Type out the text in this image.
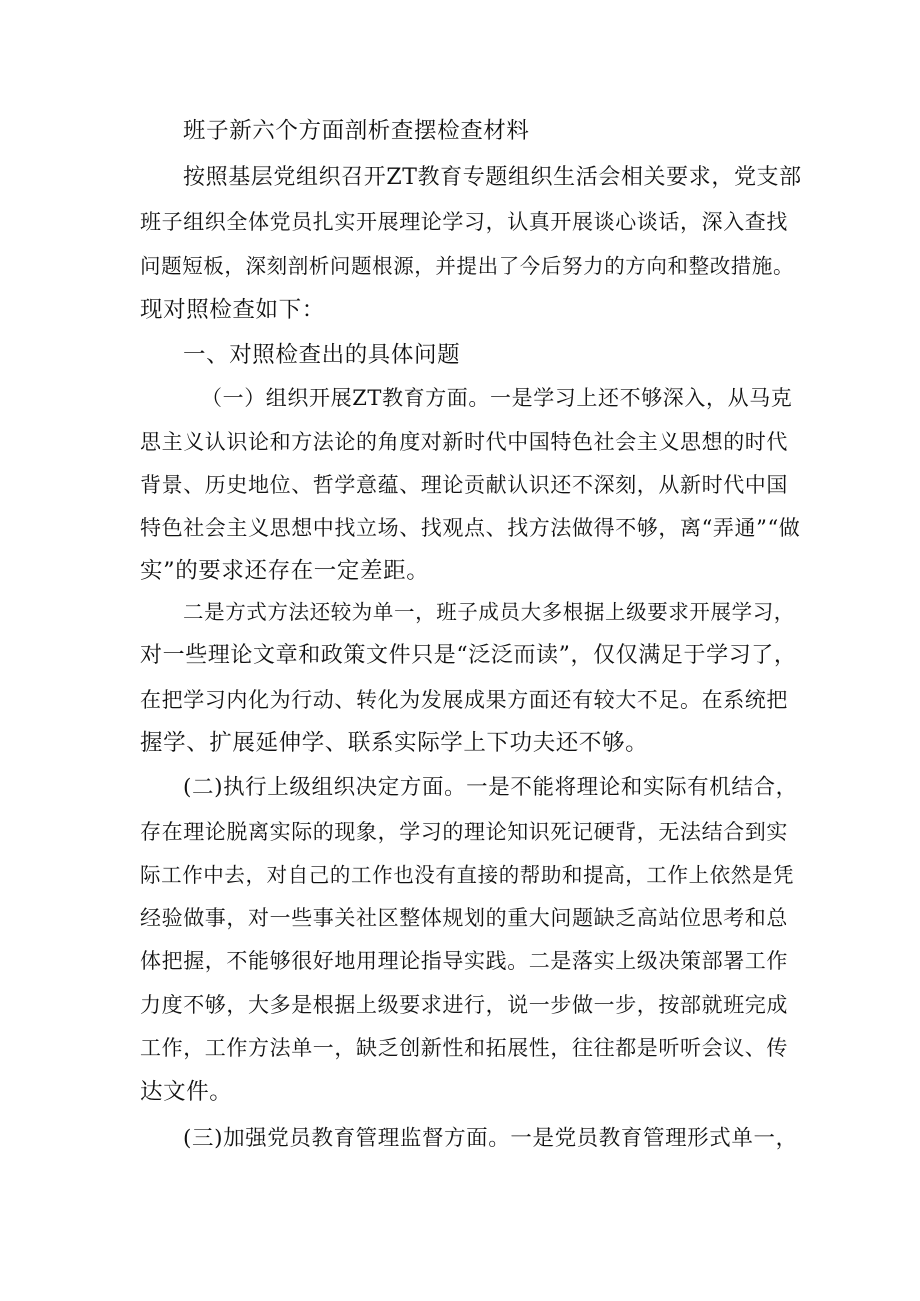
班子新六个方面剖析查摆检查材料
按照基层党组织召开ZT教育专题组织生活会相关要求，党支部
班子组织全体党员扎实开展理论学习，认真开展谈心谈话，深入查找
问题短板，深刻剖析问题根源，并提出了今后努力的方向和整改措施。
现对照检查如下：
一、对照检查出的具体问题
（一）组织开展ZT教育方面。一是学习上还不够深入，从马克
思主义认识论和方法论的角度对新时代中国特色社会主义思想的时代
背景、历史地位、哲学意蕴、理论贡献认识还不深刻，从新时代中国
特色社会主义思想中找立场、找观点、找方法做得不够，离“弄通”“做
实”的要求还存在一定差距。
二是方式方法还较为单一，班子成员大多根据上级要求开展学习，
对一些理论文章和政策文件只是“泛泛而读”，仅仅满足于学习了，
在把学习内化为行动、转化为发展成果方面还有较大不足。在系统把
握学、扩展延伸学、联系实际学上下功夫还不够。
(二)执行上级组织决定方面。一是不能将理论和实际有机结合，
存在理论脱离实际的现象，学习的理论知识死记硬背，无法结合到实
际工作中去，对自己的工作也没有直接的帮助和提高，工作上依然是凭
经验做事，对一些事关社区整体规划的重大问题缺乏高站位思考和总
体把握，不能够很好地用理论指导实践。二是落实上级决策部署工作
力度不够，大多是根据上级要求进行，说一步做一步，按部就班完成
工作，工作方法单一，缺乏创新性和拓展性，往往都是听听会议、传
达文件。
(三)加强党员教育管理监督方面。一是党员教育管理形式单一，
